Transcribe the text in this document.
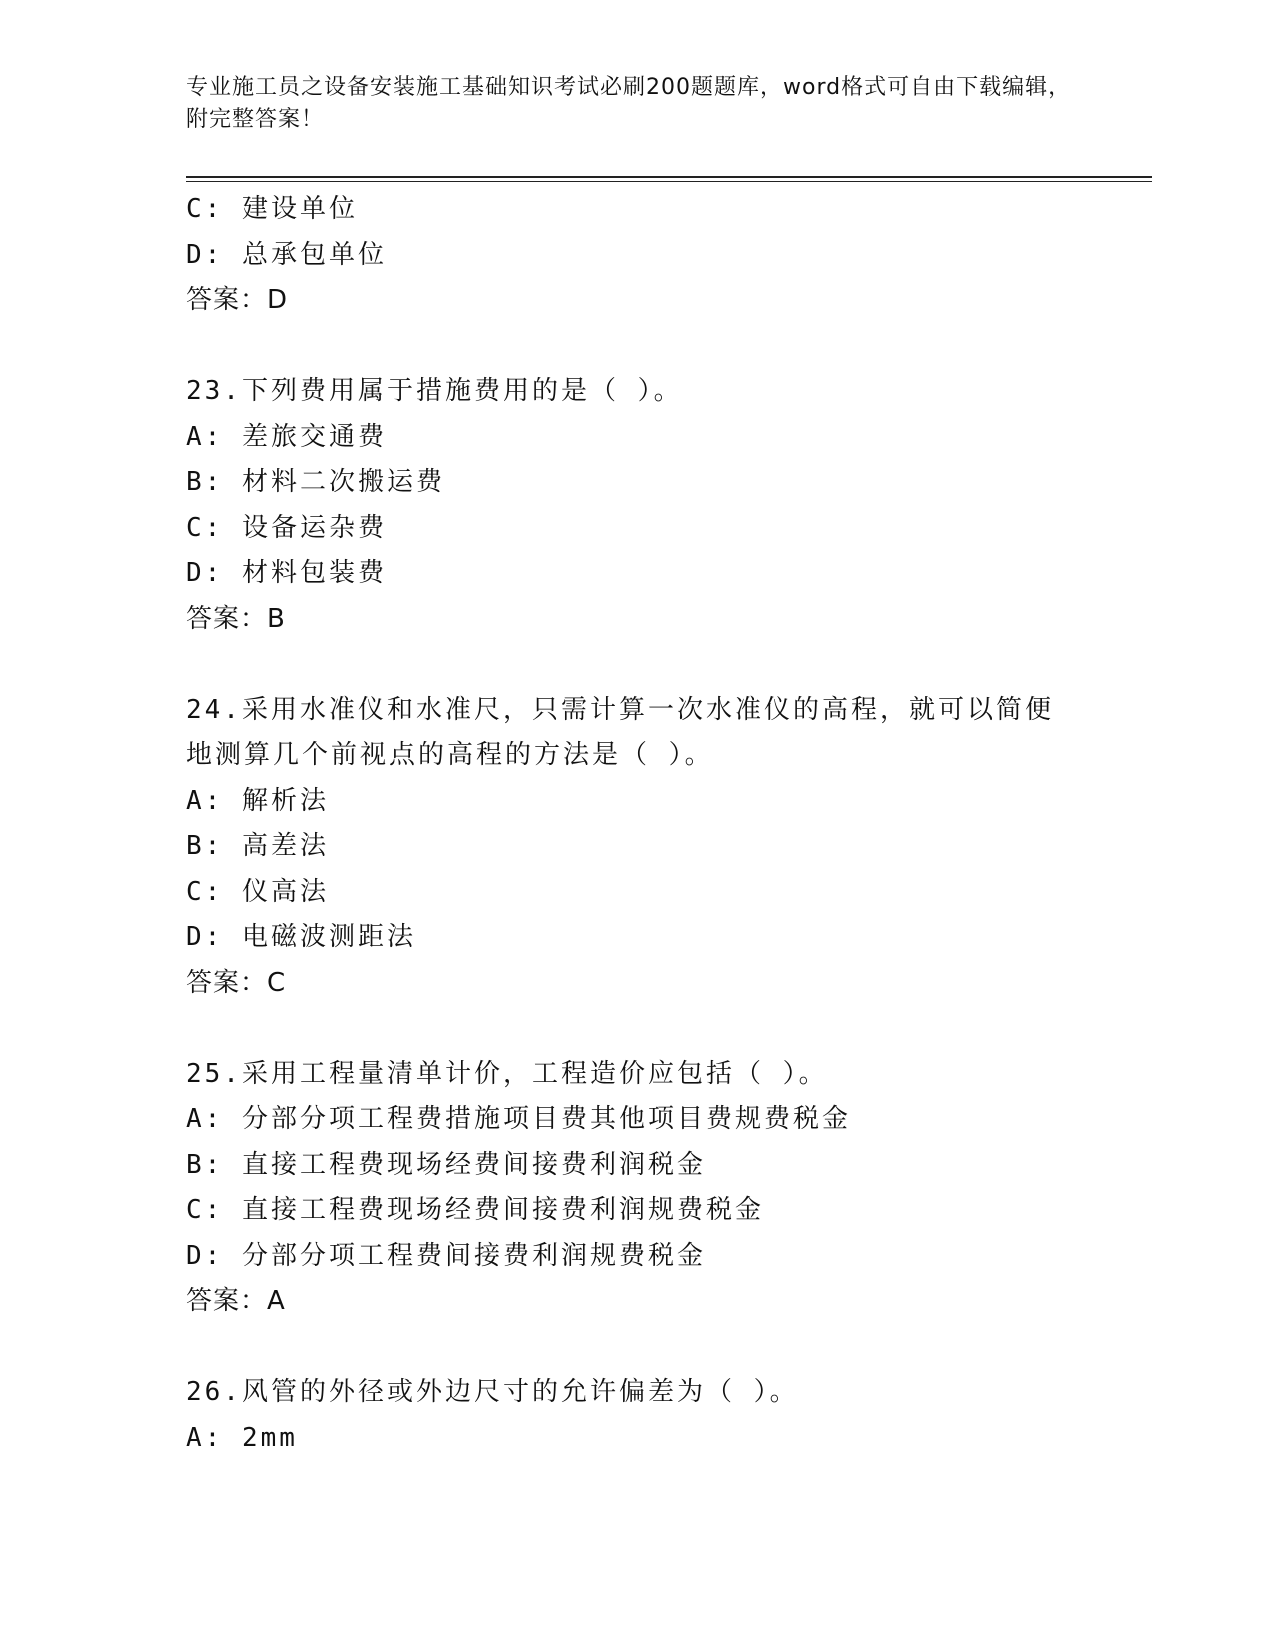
专业施工员之设备安装施工基础知识考试必刷200题题库，word格式可自由下载编辑，附完整答案！
C: 建设单位
D: 总承包单位
答案：D
23.下列费用属于措施费用的是（ ）。
A: 差旅交通费
B: 材料二次搬运费
C: 设备运杂费
D: 材料包装费
答案：B
24.采用水准仪和水准尺，只需计算一次水准仪的高程，就可以简便地测算几个前视点的高程的方法是（ ）。
A: 解析法
B: 高差法
C: 仪高法
D: 电磁波测距法
答案：C
25.采用工程量清单计价，工程造价应包括（ ）。
A: 分部分项工程费措施项目费其他项目费规费税金
B: 直接工程费现场经费间接费利润税金
C: 直接工程费现场经费间接费利润规费税金
D: 分部分项工程费间接费利润规费税金
答案：A
26.风管的外径或外边尺寸的允许偏差为（ ）。
A: 2mm
